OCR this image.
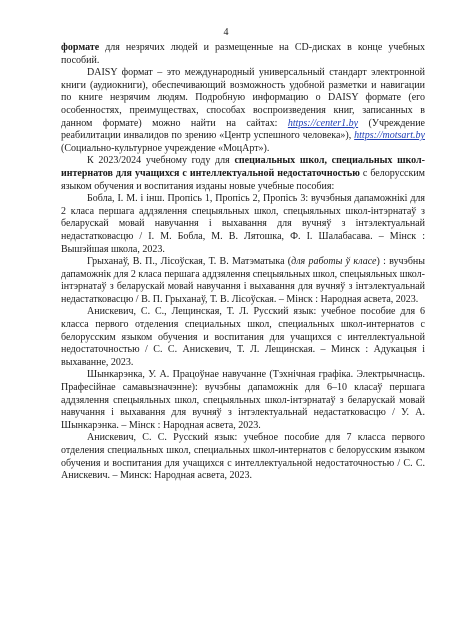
4

формате для незрячих людей и размещенные на CD-дисках в конце учебных пособий.

DAISY формат – это международный универсальный стандарт электронной книги (аудиокниги), обеспечивающий возможность удобной разметки и навигации по книге незрячим людям. Подробную информацию о DAISY формате (его особенностях, преимуществах, способах воспроизведения книг, записанных в данном формате) можно найти на сайтах: https://center1.by (Учреждение реабилитации инвалидов по зрению «Центр успешного человека»), https://motsart.by (Социально-культурное учреждение «МоцАрт»).

К 2023/2024 учебному году для специальных школ, специальных школ-интернатов для учащихся с интеллектуальной недостаточностью с белорусским языком обучения и воспитания изданы новые учебные пособия:

Бобла, І. М. і інш. Пропісь 1, Пропісь 2, Пропісь 3: вучэбныя дапаможнікі для 2 класа першага аддзялення спецыяльных школ, спецыяльных школ-інтэрнатаў з беларускай мовай навучання і выхавання для вучняў з інтэлектуальнай недастатковасцю / І. М. Бобла, М. В. Лятошка, Ф. І. Шалабасава. – Мінск : Вышэйшая школа, 2023.

Грыханаў, В. П., Лісоўская, Т. В. Матэматыка (для работы ў класе) : вучэбны дапаможнік для 2 класа першага аддзялення спецыяльных школ, спецыяльных школ-інтэрнатаў з беларускай мовай навучання і выхавання для вучняў з інтэлектуальнай недастатковасцю / В. П. Грыханаў, Т. В. Лісоўская. – Мінск : Народная асвета, 2023.

Анискевич, С. С., Лещинская, Т. Л. Русский язык: учебное пособие для 6 класса первого отделения специальных школ, специальных школ-интернатов с белорусским языком обучения и воспитания для учащихся с интеллектуальной недостаточностью / С. С. Анискевич, Т. Л. Лещинская. – Минск : Адукацыя і выхаванне, 2023.

Шынкарэнка, У. А. Працоўнае навучанне (Тэхнічная графіка. Электрычнасць. Прафесійнае самавызначэнне): вучэбны дапаможнік для 6–10 класаў першага аддзялення спецыяльных школ, спецыяльных школ-інтэрнатаў з беларускай мовай навучання і выхавання для вучняў з інтэлектуальнай недастатковасцю / У. А. Шынкарэнка. – Мінск : Народная асвета, 2023.

Анискевич, С. С. Русский язык: учебное пособие для 7 класса первого отделения специальных школ, специальных школ-интернатов с белорусским языком обучения и воспитания для учащихся с интеллектуальной недостаточностью / С. С. Анискевич. – Минск: Народная асвета, 2023.
